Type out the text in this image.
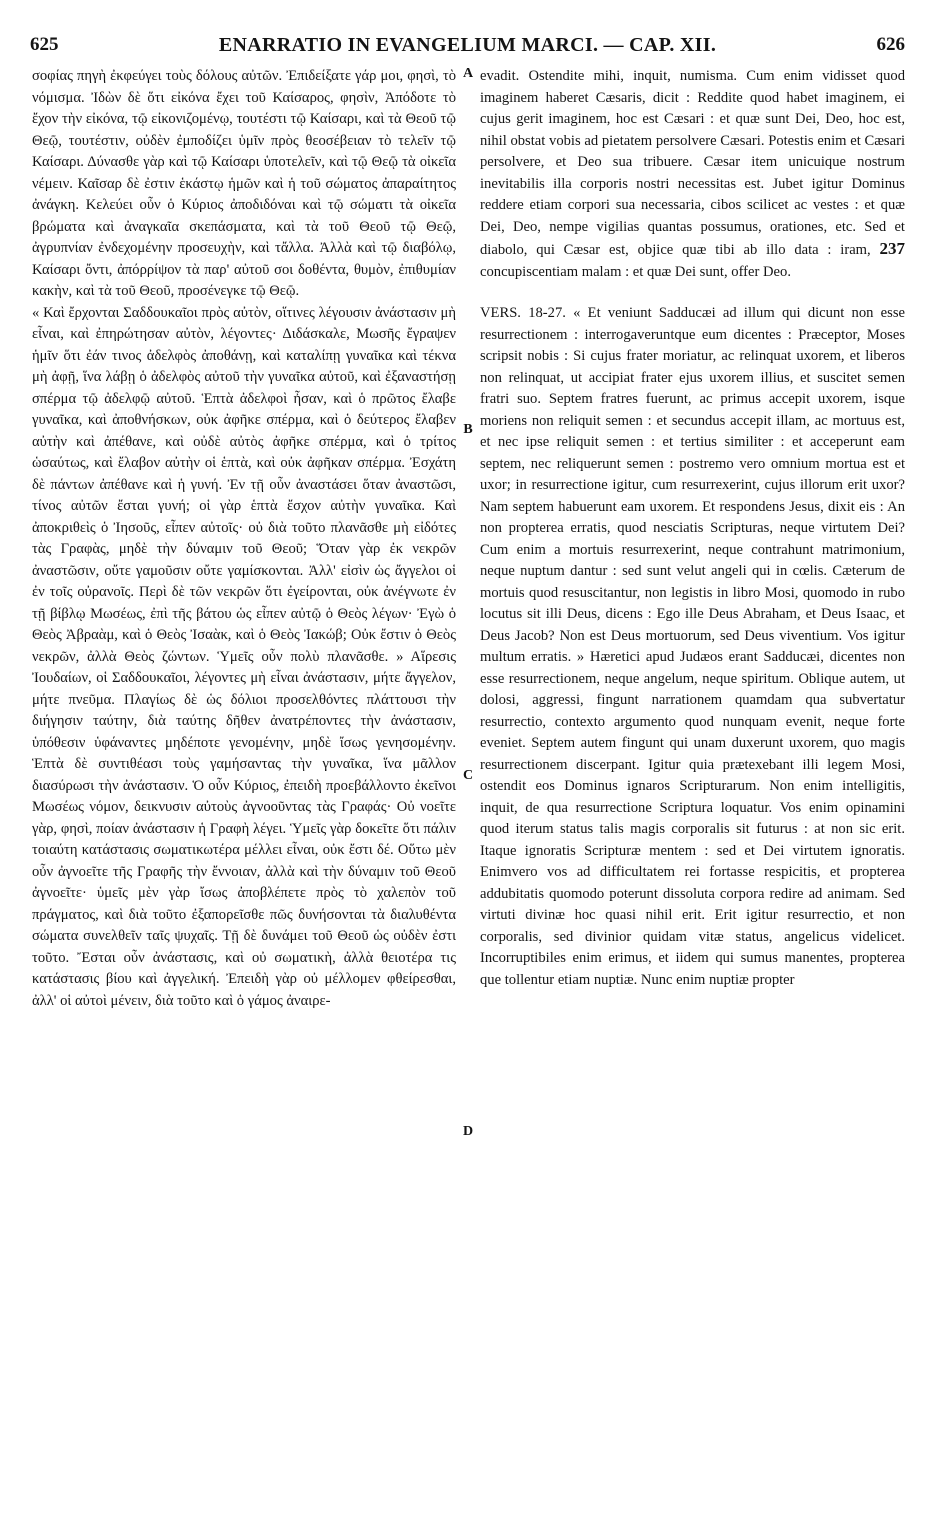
625	ENARRATIO IN EVANGELIUM MARCI. — CAP. XII.	626

σοφίας πηγὴ ἐκφεύγει τοὺς δόλους αὐτῶν. Ἐπιδείξατε γάρ μοι, φησὶ, τὸ νόμισμα. Ἰδὼν δὲ ὅτι εἰκόνα ἔχει τοῦ Καίσαρος, φησὶν, Ἀπόδοτε τὸ ἔχον τὴν εἰκόνα, τῷ εἰκονιζομένῳ, τουτέστι τῷ Καίσαρι, καὶ τὰ Θεοῦ τῷ Θεῷ, τουτέστιν, οὐδὲν ἐμποδίζει ὑμῖν πρὸς θεοσέβειαν τὸ τελεῖν τῷ Καίσαρι. Δύνασθε γὰρ καὶ τῷ Καίσαρι ὑποτελεῖν, καὶ τῷ Θεῷ τὰ οἰκεῖα νέμειν. Καῖσαρ δὲ ἐστιν ἑκάστῳ ἡμῶν καὶ ἡ τοῦ σώματος ἀπαραίτητος ἀνάγκη. Κελεύει οὖν ὁ Κύριος ἀποδιδόναι καὶ τῷ σώματι τὰ οἰκεῖα βρώματα καὶ ἀναγκαῖα σκεπάσματα, καὶ τὰ τοῦ Θεοῦ τῷ Θεῷ, ἀγρυπνίαν ἐνδεχομένην προσευχὴν, καὶ τἄλλα. Ἀλλὰ καὶ τῷ διαβόλῳ, Καίσαρι ὄντι, ἀπόρρίψον τὰ παρ' αὐτοῦ σοι δοθέντα, θυμὸν, ἐπιθυμίαν κακὴν, καὶ τὰ τοῦ Θεοῦ, προσένεγκε τῷ Θεῷ.

« Καὶ ἔρχονται Σαδδουκαῖοι πρὸς αὐτὸν, οἵτινες λέγουσιν ἀνάστασιν μὴ εἶναι, καὶ ἐπηρώτησαν αὐτὸν, λέγοντες· Διδάσκαλε, Μωσῆς ἔγραψεν ἡμῖν ὅτι ἐάν τινος ἀδελφὸς ἀποθάνῃ, καὶ καταλίπῃ γυναῖκα καὶ τέκνα μὴ ἀφῇ, ἵνα λάβῃ ὁ ἀδελφὸς αὐτοῦ τὴν γυναῖκα αὐτοῦ, καὶ ἐξαναστήσῃ σπέρμα τῷ ἀδελφῷ αὐτοῦ. Ἑπτὰ ἀδελφοὶ ἦσαν, καὶ ὁ πρῶτος ἔλαβε γυναῖκα, καὶ ἀποθνήσκων, οὐκ ἀφῆκε σπέρμα, καὶ ὁ δεύτερος ἔλαβεν αὐτὴν καὶ ἀπέθανε, καὶ οὐδὲ αὐτὸς ἀφῆκε σπέρμα, καὶ ὁ τρίτος ὡσαύτως, καὶ ἔλαβον αὐτὴν οἱ ἑπτὰ, καὶ οὐκ ἀφῆκαν σπέρμα. Ἐσχάτη δὲ πάντων ἀπέθανε καὶ ἡ γυνή. Ἐν τῇ οὖν ἀναστάσει ὅταν ἀναστῶσι, τίνος αὐτῶν ἔσται γυνή; οἱ γὰρ ἑπτὰ ἔσχον αὐτὴν γυναῖκα. Καὶ ἀποκριθεὶς ὁ Ἰησοῦς, εἶπεν αὐτοῖς· οὐ διὰ τοῦτο πλανᾶσθε μὴ εἰδότες τὰς Γραφὰς, μηδὲ τὴν δύναμιν τοῦ Θεοῦ; Ὅταν γὰρ ἐκ νεκρῶν ἀναστῶσιν, οὔτε γαμοῦσιν οὔτε γαμίσκονται. Ἀλλ' εἰσὶν ὡς ἄγγελοι οἱ ἐν τοῖς οὐρανοῖς. Περὶ δὲ τῶν νεκρῶν ὅτι ἐγείρονται, οὐκ ἀνέγνωτε ἐν τῇ βίβλῳ Μωσέως, ἐπὶ τῆς βάτου ὡς εἶπεν αὐτῷ ὁ Θεὸς λέγων· Ἐγὼ ὁ Θεὸς Ἀβραὰμ, καὶ ὁ Θεὸς Ἰσαὰκ, καὶ ὁ Θεὸς Ἰακώβ; Οὐκ ἔστιν ὁ Θεὸς νεκρῶν, ἀλλὰ Θεὸς ζώντων. Ὑμεῖς οὖν πολὺ πλανᾶσθε. » Αἵρεσις Ἰουδαίων, οἱ Σαδδουκαῖοι, λέγοντες μὴ εἶναι ἀνάστασιν, μήτε ἄγγελον, μήτε πνεῦμα. Πλαγίως δὲ ὡς δόλιοι προσελθόντες πλάττουσι τὴν διήγησιν ταύτην, διὰ ταύτης δῆθεν ἀνατρέποντες τὴν ἀνάστασιν, ὑπόθεσιν ὑφάναντες μηδέποτε γενομένην, μηδὲ ἴσως γενησομένην. Ἑπτὰ δὲ συντιθέασι τοὺς γαμήσαντας τὴν γυναῖκα, ἵνα μᾶλλον διασύρωσι τὴν ἀνάστασιν. Ὁ οὖν Κύριος, ἐπειδὴ προεβάλλοντο ἐκεῖνοι Μωσέως νόμον, δεικνυσιν αὐτοὺς ἀγνοοῦντας τὰς Γραφάς· Οὐ νοεῖτε γὰρ, φησὶ, ποίαν ἀνάστασιν ἡ Γραφὴ λέγει. Ὑμεῖς γὰρ δοκεῖτε ὅτι πάλιν τοιαύτη κατάστασις σωματικωτέρα μέλλει εἶναι, οὐκ ἔστι δέ. Οὕτω μὲν οὖν ἀγνοεῖτε τῆς Γραφῆς τὴν ἔννοιαν, ἀλλὰ καὶ τὴν δύναμιν τοῦ Θεοῦ ἀγνοεῖτε· ὑμεῖς μὲν γὰρ ἴσως ἀποβλέπετε πρὸς τὸ χαλεπὸν τοῦ πράγματος, καὶ διὰ τοῦτο ἐξαπορεῖσθε πῶς δυνήσονται τὰ διαλυθέντα σώματα συνελθεῖν ταῖς ψυχαῖς. Τῇ δὲ δυνάμει τοῦ Θεοῦ ὡς οὐδὲν ἐστι τοῦτο. Ἔσται οὖν ἀνάστασις, καὶ οὐ σωματικὴ, ἀλλὰ θειοτέρα τις κατάστασις βίου καὶ ἀγγελική. Ἐπειδὴ γὰρ οὐ μέλλομεν φθείρεσθαι, ἀλλ' οἱ αὐτοὶ μένειν, διὰ τοῦτο καὶ ὁ γάμος ἀναιρε-

A
B
C
D

evadit. Ostendite mihi, inquit, numisma. Cum enim vidisset quod imaginem haberet Cæsaris, dicit : Reddite quod habet imaginem, ei cujus gerit imaginem, hoc est Cæsari : et quæ sunt Dei, Deo, hoc est, nihil obstat vobis ad pietatem persolvere Cæsari. Potestis enim et Cæsari persolvere, et Deo sua tribuere. Cæsar item unicuique nostrum inevitabilis illa corporis nostri necessitas est. Jubet igitur Dominus reddere etiam corpori sua necessaria, cibos scilicet ac vestes : et quæ Dei, Deo, nempe vigilias quantas possumus, orationes, etc. Sed et diabolo, qui Cæsar est, objice quæ tibi ab illo data : iram, 237 concupiscentiam malam : et quæ Dei sunt, offer Deo.

VERS. 18-27. « Et veniunt Sadducæi ad illum qui dicunt non esse resurrectionem : interrogaveruntque eum dicentes : Præceptor, Moses scripsit nobis : Si cujus frater moriatur, ac relinquat uxorem, et liberos non relinquat, ut accipiat frater ejus uxorem illius, et suscitet semen fratri suo. Septem fratres fuerunt, ac primus accepit uxorem, isque moriens non reliquit semen : et secundus accepit illam, ac mortuus est, et nec ipse reliquit semen : et tertius similiter : et acceperunt eam septem, nec reliquerunt semen : postremo vero omnium mortua est et uxor; in resurrectione igitur, cum resurrexerint, cujus illorum erit uxor? Nam septem habuerunt eam uxorem. Et respondens Jesus, dixit eis : An non propterea erratis, quod nesciatis Scripturas, neque virtutem Dei? Cum enim a mortuis resurrexerint, neque contrahunt matrimonium, neque nuptum dantur : sed sunt velut angeli qui in cœlis. Cæterum de mortuis quod resuscitantur, non legistis in libro Mosi, quomodo in rubo locutus sit illi Deus, dicens : Ego ille Deus Abraham, et Deus Isaac, et Deus Jacob? Non est Deus mortuorum, sed Deus viventium. Vos igitur multum erratis. » Hæretici apud Judæos erant Sadducæi, dicentes non esse resurrectionem, neque angelum, neque spiritum. Oblique autem, ut dolosi, aggressi, fingunt narrationem quamdam qua subvertatur resurrectio, contexto argumento quod nunquam evenit, neque forte eveniet. Septem autem fingunt qui unam duxerunt uxorem, quo magis resurrectionem discerpant. Igitur quia prætexebant illi legem Mosi, ostendit eos Dominus ignaros Scripturarum. Non enim intelligitis, inquit, de qua resurrectione Scriptura loquatur. Vos enim opinamini quod iterum status talis magis corporalis sit futurus : at non sic erit. Itaque ignoratis Scripturæ mentem : sed et Dei virtutem ignoratis. Enimvero vos ad difficultatem rei fortasse respicitis, et propterea addubitatis quomodo poterunt dissoluta corpora redire ad animam. Sed virtuti divinæ hoc quasi nihil erit. Erit igitur resurrectio, et non corporalis, sed divinior quidam vitæ status, angelicus videlicet. Incorruptibiles enim erimus, et iidem qui sumus manentes, propterea que tollentur etiam nuptiæ. Nunc enim nuptiæ propter
